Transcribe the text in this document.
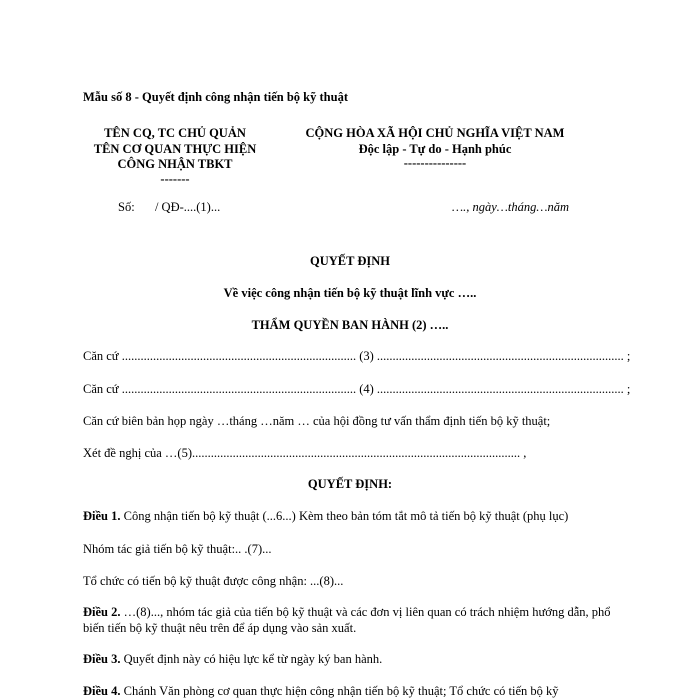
Mẫu số 8 - Quyết định công nhận tiến bộ kỹ thuật
TÊN CQ, TC CHỦ QUẢN
TÊN CƠ QUAN THỰC HIỆN
CÔNG NHẬN TBKT
-------
CỘNG HÒA XÃ HỘI CHỦ NGHĨA VIỆT NAM
Độc lập - Tự do - Hạnh phúc
---------------
Số: / QĐ-....(1)...	…., ngày…tháng…năm
QUYẾT ĐỊNH
Về việc công nhận tiến bộ kỹ thuật lĩnh vực …..
THẨM QUYỀN BAN HÀNH (2) …..
Căn cứ ........................................................................... (3) ............................................................................... ;
Căn cứ ........................................................................... (4) ............................................................................... ;
Căn cứ biên bản họp ngày …tháng …năm … của hội đồng tư vấn thẩm định tiến bộ kỹ thuật;
Xét đề nghị của …(5)......................................................................................................... ,
QUYẾT ĐỊNH:
Điều 1. Công nhận tiến bộ kỹ thuật (...6...) Kèm theo bản tóm tắt mô tả tiến bộ kỹ thuật (phụ lục)
Nhóm tác giả tiến bộ kỹ thuật:.. .(7)...
Tổ chức có tiến bộ kỹ thuật được công nhận: ...(8)...
Điều 2. …(8)..., nhóm tác giả của tiến bộ kỹ thuật và các đơn vị liên quan có trách nhiệm hướng dẫn, phổ biến tiến bộ kỹ thuật nêu trên để áp dụng vào sản xuất.
Điều 3. Quyết định này có hiệu lực kể từ ngày ký ban hành.
Điều 4. Chánh Văn phòng cơ quan thực hiện công nhận tiến bộ kỹ thuật; Tổ chức có tiến bộ kỹ
